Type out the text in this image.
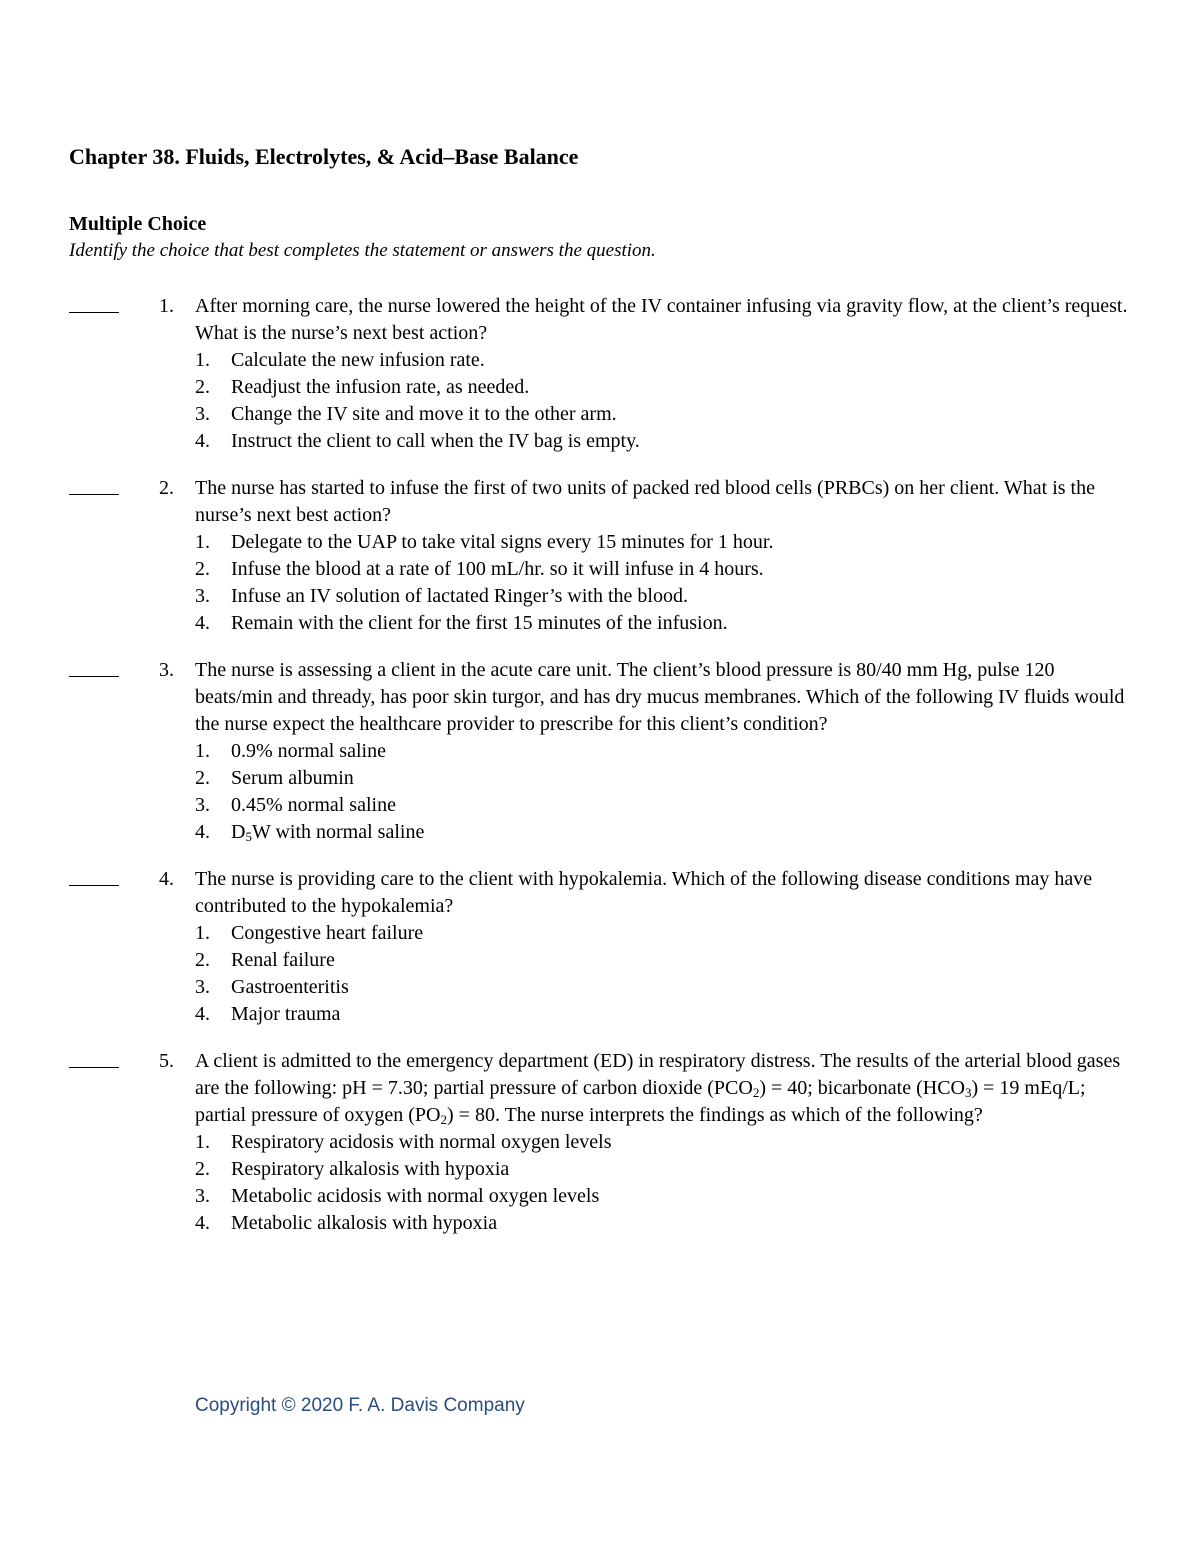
Chapter 38. Fluids, Electrolytes, & Acid–Base Balance
Multiple Choice

Identify the choice that best completes the statement or answers the question.

1. After morning care, the nurse lowered the height of the IV container infusing via gravity flow, at the client’s request. What is the nurse’s next best action?

1. Calculate the new infusion rate.
2. Readjust the infusion rate, as needed.
3. Change the IV site and move it to the other arm.
4. Instruct the client to call when the IV bag is empty.
2. The nurse has started to infuse the first of two units of packed red blood cells (PRBCs) on her client. What is the nurse’s next best action?

1. Delegate to the UAP to take vital signs every 15 minutes for 1 hour.
2. Infuse the blood at a rate of 100 mL/hr. so it will infuse in 4 hours.
3. Infuse an IV solution of lactated Ringer’s with the blood.
4. Remain with the client for the first 15 minutes of the infusion.
3. The nurse is assessing a client in the acute care unit. The client’s blood pressure is 80/40 mm Hg, pulse 120 beats/min and thready, has poor skin turgor, and has dry mucus membranes. Which of the following IV fluids would the nurse expect the healthcare provider to prescribe for this client’s condition?

1. 0.9% normal saline
2. Serum albumin
3. 0.45% normal saline
4. $D_5W$ with normal saline
4. The nurse is providing care to the client with hypokalemia. Which of the following disease conditions may have contributed to the hypokalemia?

1. Congestive heart failure
2. Renal failure
3. Gastroenteritis
4. Major trauma
5. A client is admitted to the emergency department (ED) in respiratory distress. The results of the arterial blood gases are the following: pH = 7.30; partial pressure of carbon dioxide $(PCO_2) = 40$; bicarbonate $(HCO_3) = 19$ mEq/L; partial pressure of oxygen $(PO_2) = 80$. The nurse interprets the findings as which of the following?

1. Respiratory acidosis with normal oxygen levels
2. Respiratory alkalosis with hypoxia
3. Metabolic acidosis with normal oxygen levels
4. Metabolic alkalosis with hypoxia

Copyright © 2020 F. A. Davis Company
